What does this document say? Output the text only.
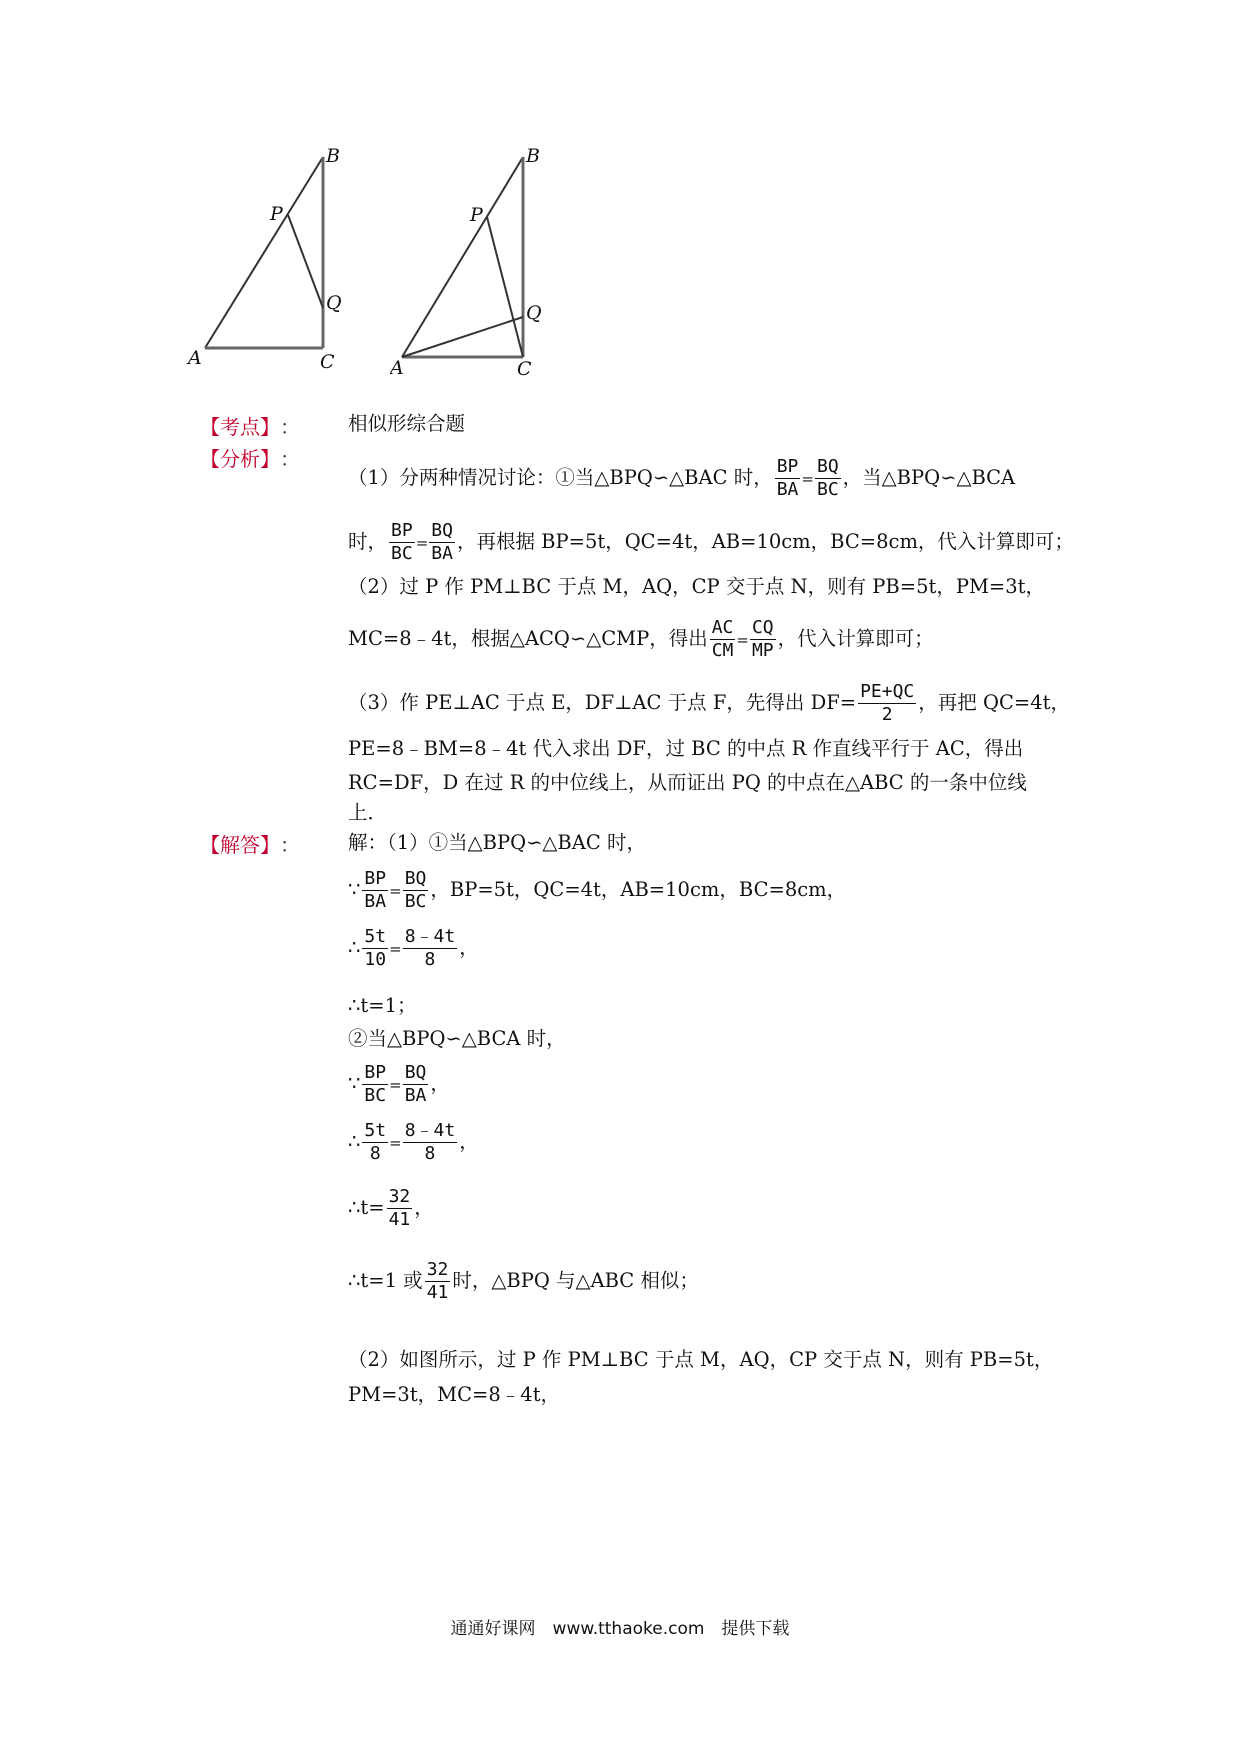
B
P
Q
A	C
B
P
Q
A	C
【考点】 ： 相似形综合题
【分析】 ：
（1）分两种情况讨论：①当△BPQ∽△BAC 时， $\frac{BP}{BA} = \frac{BQ}{BC}$ ，当△BPQ∽△BCA
时， $\frac{BP}{BC} = \frac{BQ}{BA}$ ，再根据 BP=5t，QC=4t，AB=10cm，BC=8cm，代入计算即可；
（2）过 P 作 PM⊥BC 于点 M，AQ，CP 交于点 N，则有 PB=5t，PM=3t，
MC=8﹣4t，根据△ACQ∽△CMP，得出 $\frac{AC}{CM} = \frac{CQ}{MP}$ ，代入计算即可；
（3）作 PE⊥AC 于点 E，DF⊥AC 于点 F，先得出 $DF= \frac{PE+QC}{2}$ ，再把 QC=4t，
PE=8﹣BM=8﹣4t 代入求出 DF，过 BC 的中点 R 作直线平行于 AC，得出
RC=DF，D 在过 R 的中位线上，从而证出 PQ 的中点在△ABC 的一条中位线
上．
【解答】 ： 解：（1）①当△BPQ∽△BAC 时，
∵ $\frac{BP}{BA} = \frac{BQ}{BC}$ ，BP=5t，QC=4t，AB=10cm，BC=8cm，
∴ $\frac{5t}{10} = \frac{8﹣4t}{8}$ ，
∴t=1；
②当△BPQ∽△BCA 时，
∵ $\frac{BP}{BC} = \frac{BQ}{BA}$ ，
∴ $\frac{5t}{8} = \frac{8﹣4t}{8}$ ，
∴t= $\frac{32}{41}$ ，
∴t=1 或 $\frac{32}{41}$ 时，△BPQ 与△ABC 相似；
（2）如图所示，过 P 作 PM⊥BC 于点 M，AQ，CP 交于点 N，则有 PB=5t，
PM=3t，MC=8﹣4t，
通通好课网　www.tthaoke.com　提供下载
